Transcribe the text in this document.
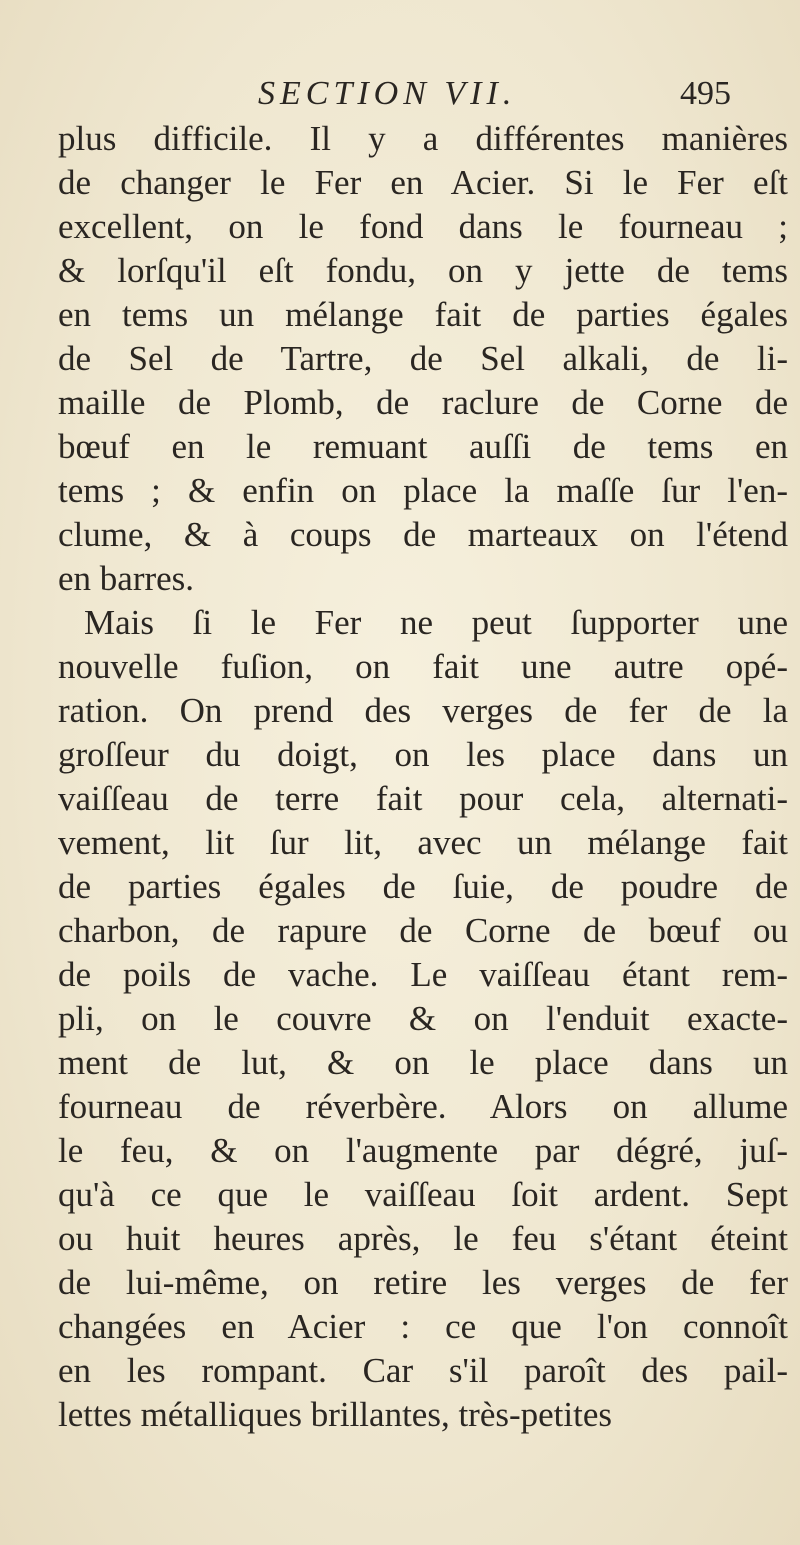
SECTION VII.	495
plus difficile. Il y a différentes manières
de changer le Fer en Acier. Si le Fer eſt
excellent, on le fond dans le fourneau ;
& lorſqu'il eſt fondu, on y jette de tems
en tems un mélange fait de parties égales
de Sel de Tartre, de Sel alkali, de li-
maille de Plomb, de raclure de Corne de
bœuf en le remuant auſſi de tems en
tems ; & enfin on place la maſſe ſur l'en-
clume, & à coups de marteaux on l'étend
en barres.
Mais ſi le Fer ne peut ſupporter une
nouvelle fuſion, on fait une autre opé-
ration. On prend des verges de fer de la
groſſeur du doigt, on les place dans un
vaiſſeau de terre fait pour cela, alternati-
vement, lit ſur lit, avec un mélange fait
de parties égales de ſuie, de poudre de
charbon, de rapure de Corne de bœuf ou
de poils de vache. Le vaiſſeau étant rem-
pli, on le couvre & on l'enduit exacte-
ment de lut, & on le place dans un
fourneau de réverbère. Alors on allume
le feu, & on l'augmente par dégré, juſ-
qu'à ce que le vaiſſeau ſoit ardent. Sept
ou huit heures après, le feu s'étant éteint
de lui-même, on retire les verges de fer
changées en Acier : ce que l'on connoît
en les rompant. Car s'il paroît des pail-
lettes métalliques brillantes, très-petites
